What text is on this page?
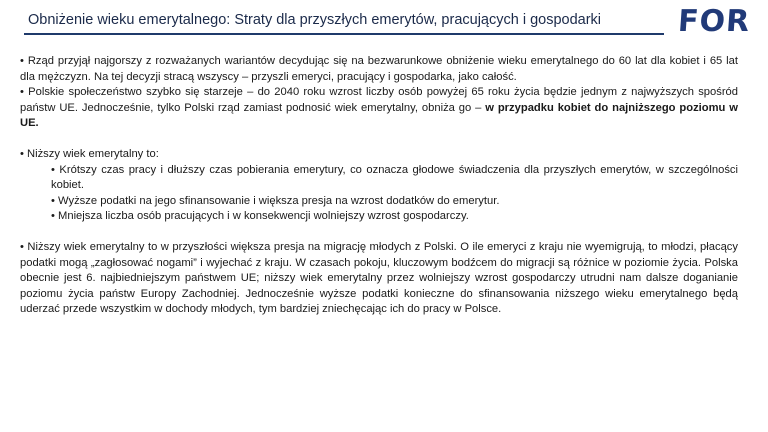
Obniżenie wieku emerytalnego: Straty dla przyszłych emerytów, pracujących i gospodarki	FOR

• Rząd przyjął najgorszy z rozważanych wariantów decydując się na bezwarunkowe obniżenie wieku emerytalnego do 60 lat dla kobiet i 65 lat dla mężczyzn. Na tej decyzji stracą wszyscy – przyszli emeryci, pracujący i gospodarka, jako całość.

• Polskie społeczeństwo szybko się starzeje – do 2040 roku wzrost liczby osób powyżej 65 roku życia będzie jednym z najwyższych spośród państw UE. Jednocześnie, tylko Polski rząd zamiast podnosić wiek emerytalny, obniża go – w przypadku kobiet do najniższego poziomu w UE.

• Niższy wiek emerytalny to:

• Krótszy czas pracy i dłuższy czas pobierania emerytury, co oznacza głodowe świadczenia dla przyszłych emerytów, w szczególności kobiet.

• Wyższe podatki na jego sfinansowanie i większa presja na wzrost dodatków do emerytur.

• Mniejsza liczba osób pracujących i w konsekwencji wolniejszy wzrost gospodarczy.

• Niższy wiek emerytalny to w przyszłości większa presja na migrację młodych z Polski. O ile emeryci z kraju nie wyemigrują, to młodzi, płacący podatki mogą „zagłosować nogami” i wyjechać z kraju. W czasach pokoju, kluczowym bodźcem do migracji są różnice w poziomie życia. Polska obecnie jest 6. najbiedniejszym państwem UE; niższy wiek emerytalny przez wolniejszy wzrost gospodarczy utrudni nam dalsze doganianie poziomu życia państw Europy Zachodniej. Jednocześnie wyższe podatki konieczne do sfinansowania niższego wieku emerytalnego będą uderzać przede wszystkim w dochody młodych, tym bardziej zniechęcając ich do pracy w Polsce.
